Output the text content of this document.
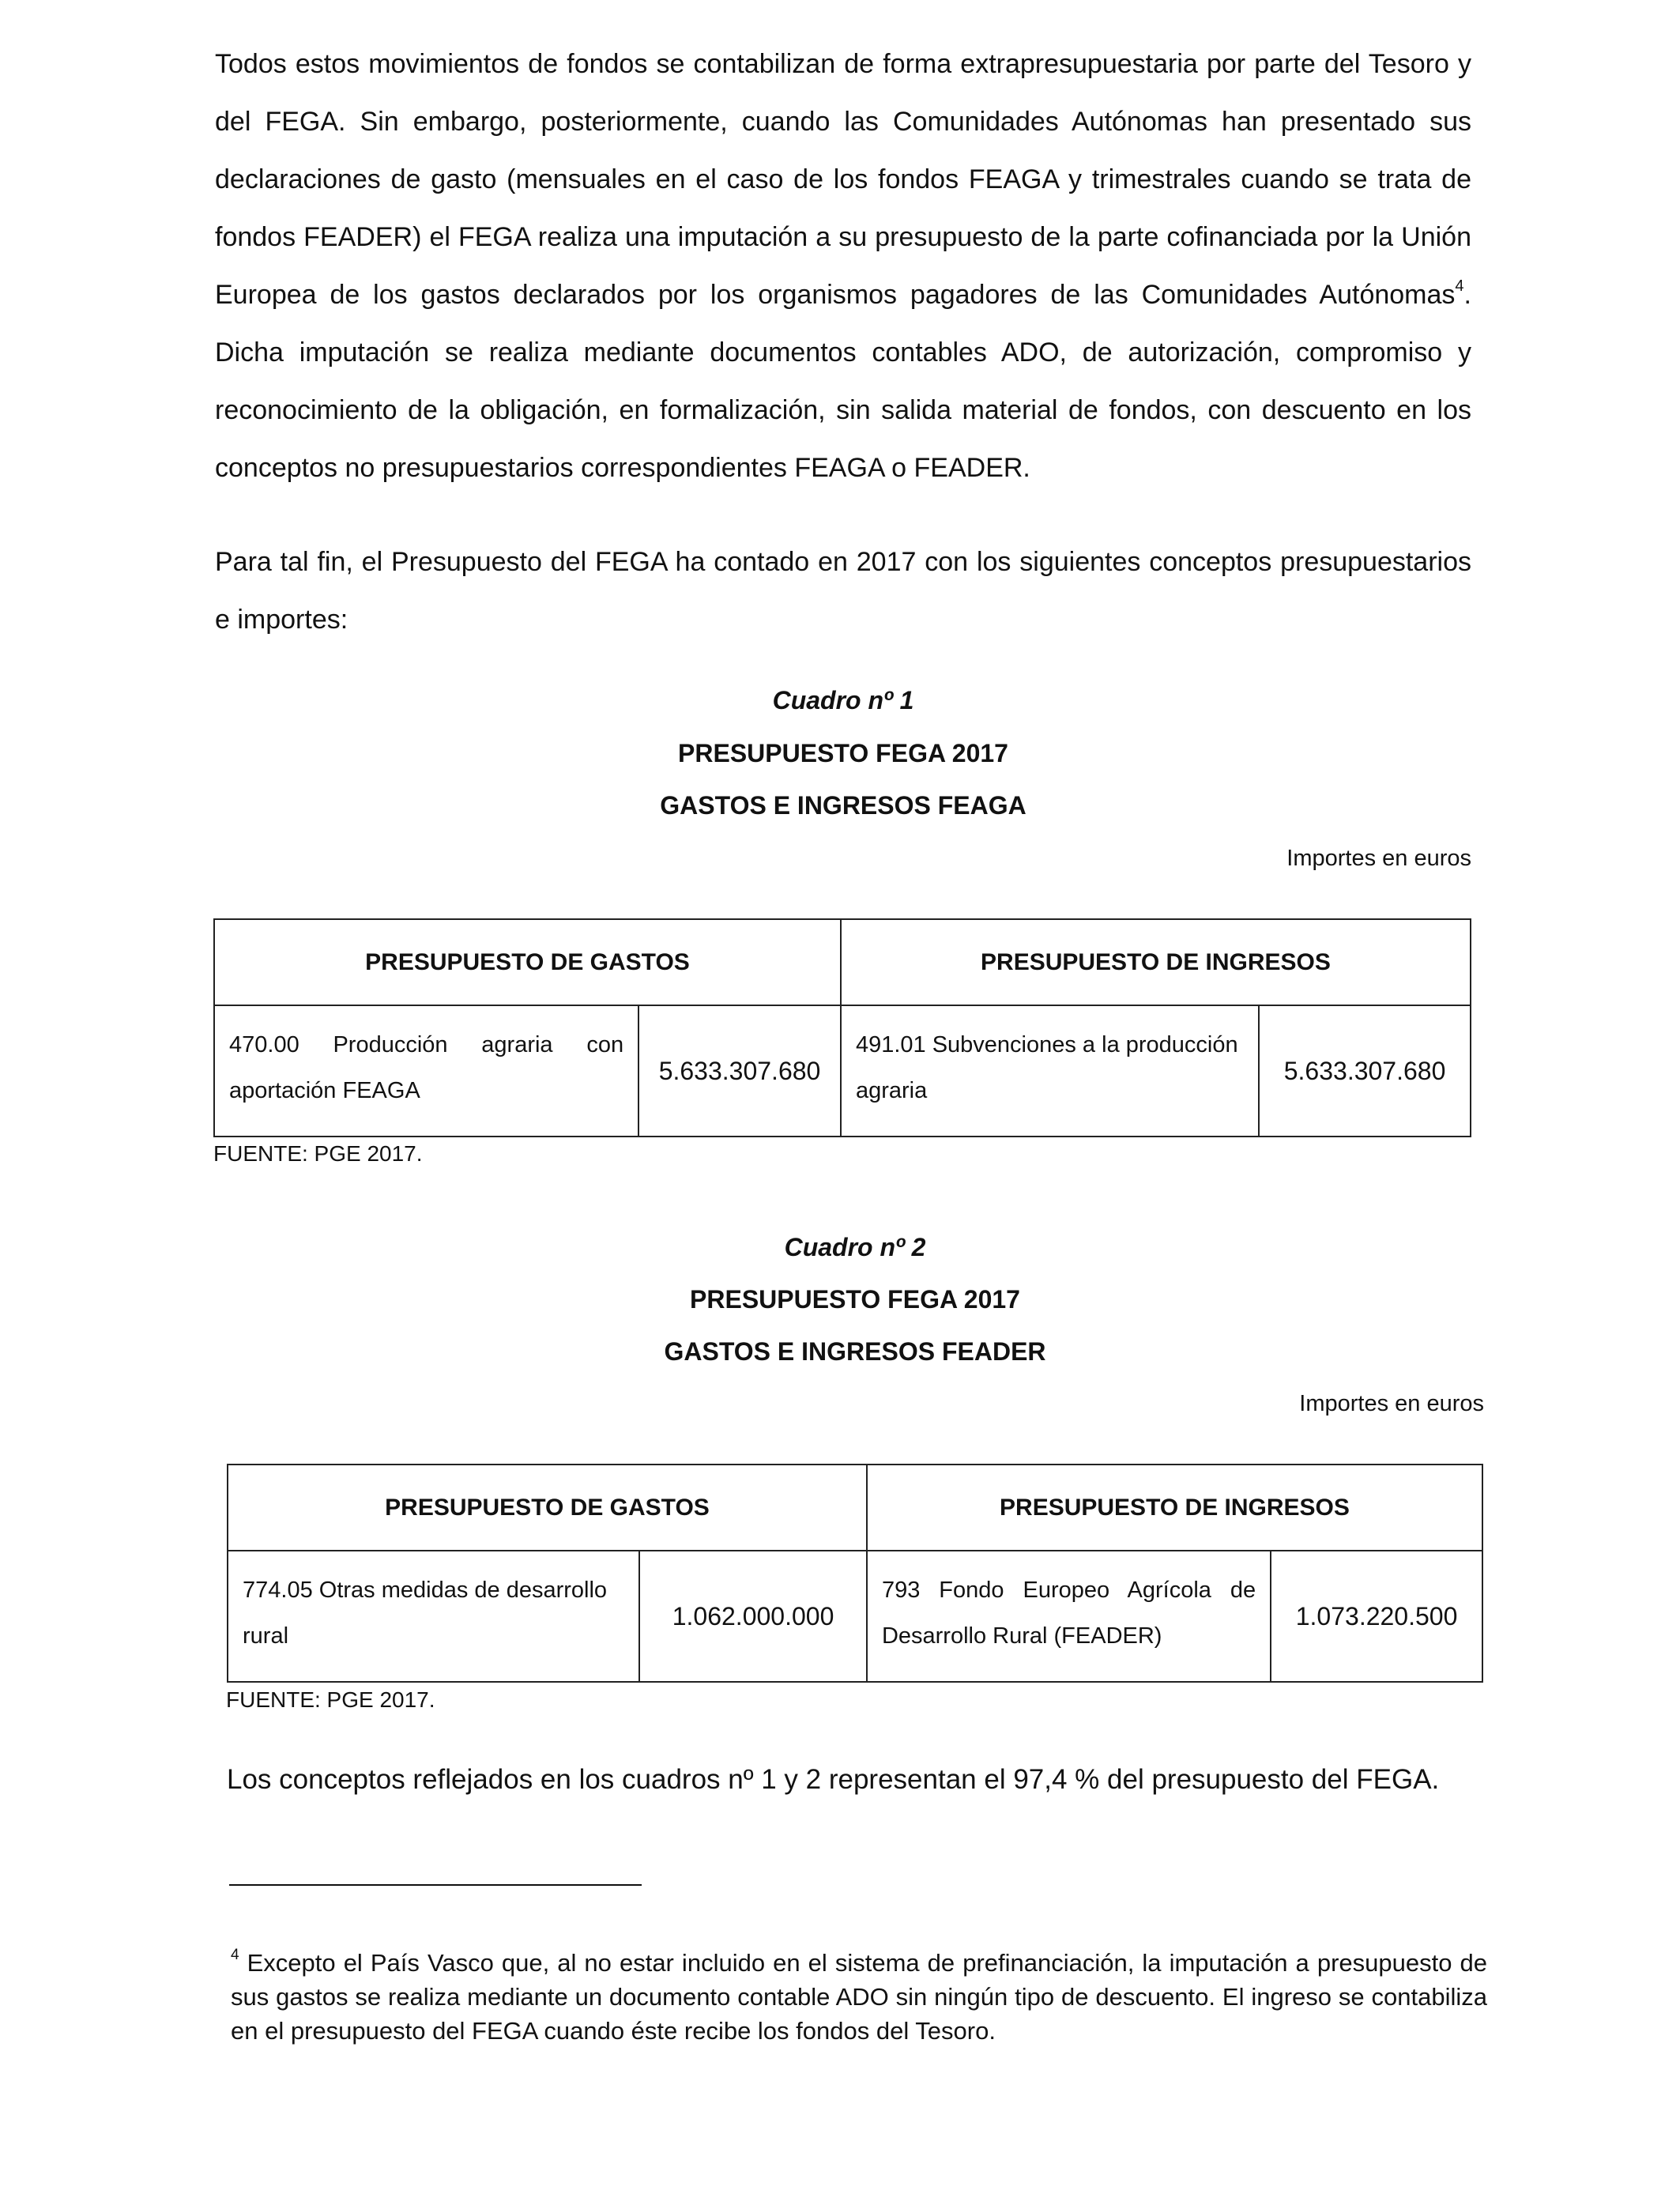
Todos estos movimientos de fondos se contabilizan de forma extrapresupuestaria por parte del Tesoro y del FEGA. Sin embargo, posteriormente, cuando las Comunidades Autónomas han presentado sus declaraciones de gasto (mensuales en el caso de los fondos FEAGA y trimestrales cuando se trata de fondos FEADER) el FEGA realiza una imputación a su presupuesto de la parte cofinanciada por la Unión Europea de los gastos declarados por los organismos pagadores de las Comunidades Autónomas$^4$. Dicha imputación se realiza mediante documentos contables ADO, de autorización, compromiso y reconocimiento de la obligación, en formalización, sin salida material de fondos, con descuento en los conceptos no presupuestarios correspondientes FEAGA o FEADER.

Para tal fin, el Presupuesto del FEGA ha contado en 2017 con los siguientes conceptos presupuestarios e importes:

Cuadro nº 1

PRESUPUESTO FEGA 2017

GASTOS E INGRESOS FEAGA

Importes en euros

PRESUPUESTO DE GASTOS		PRESUPUESTO DE INGRESOS	
470.00 Producción agraria con aportación FEAGA	5.633.307.680	491.01 Subvenciones a la producción agraria	5.633.307.680

FUENTE: PGE 2017.

Cuadro nº 2

PRESUPUESTO FEGA 2017

GASTOS E INGRESOS FEADER

Importes en euros

PRESUPUESTO DE GASTOS		PRESUPUESTO DE INGRESOS	
774.05 Otras medidas de desarrollo rural	1.062.000.000	793 Fondo Europeo Agrícola de Desarrollo Rural (FEADER)	1.073.220.500

FUENTE: PGE 2017.

Los conceptos reflejados en los cuadros nº 1 y 2 representan el 97,4 % del presupuesto del FEGA.

$^4$ Excepto el País Vasco que, al no estar incluido en el sistema de prefinanciación, la imputación a presupuesto de sus gastos se realiza mediante un documento contable ADO sin ningún tipo de descuento. El ingreso se contabiliza en el presupuesto del FEGA cuando éste recibe los fondos del Tesoro.
